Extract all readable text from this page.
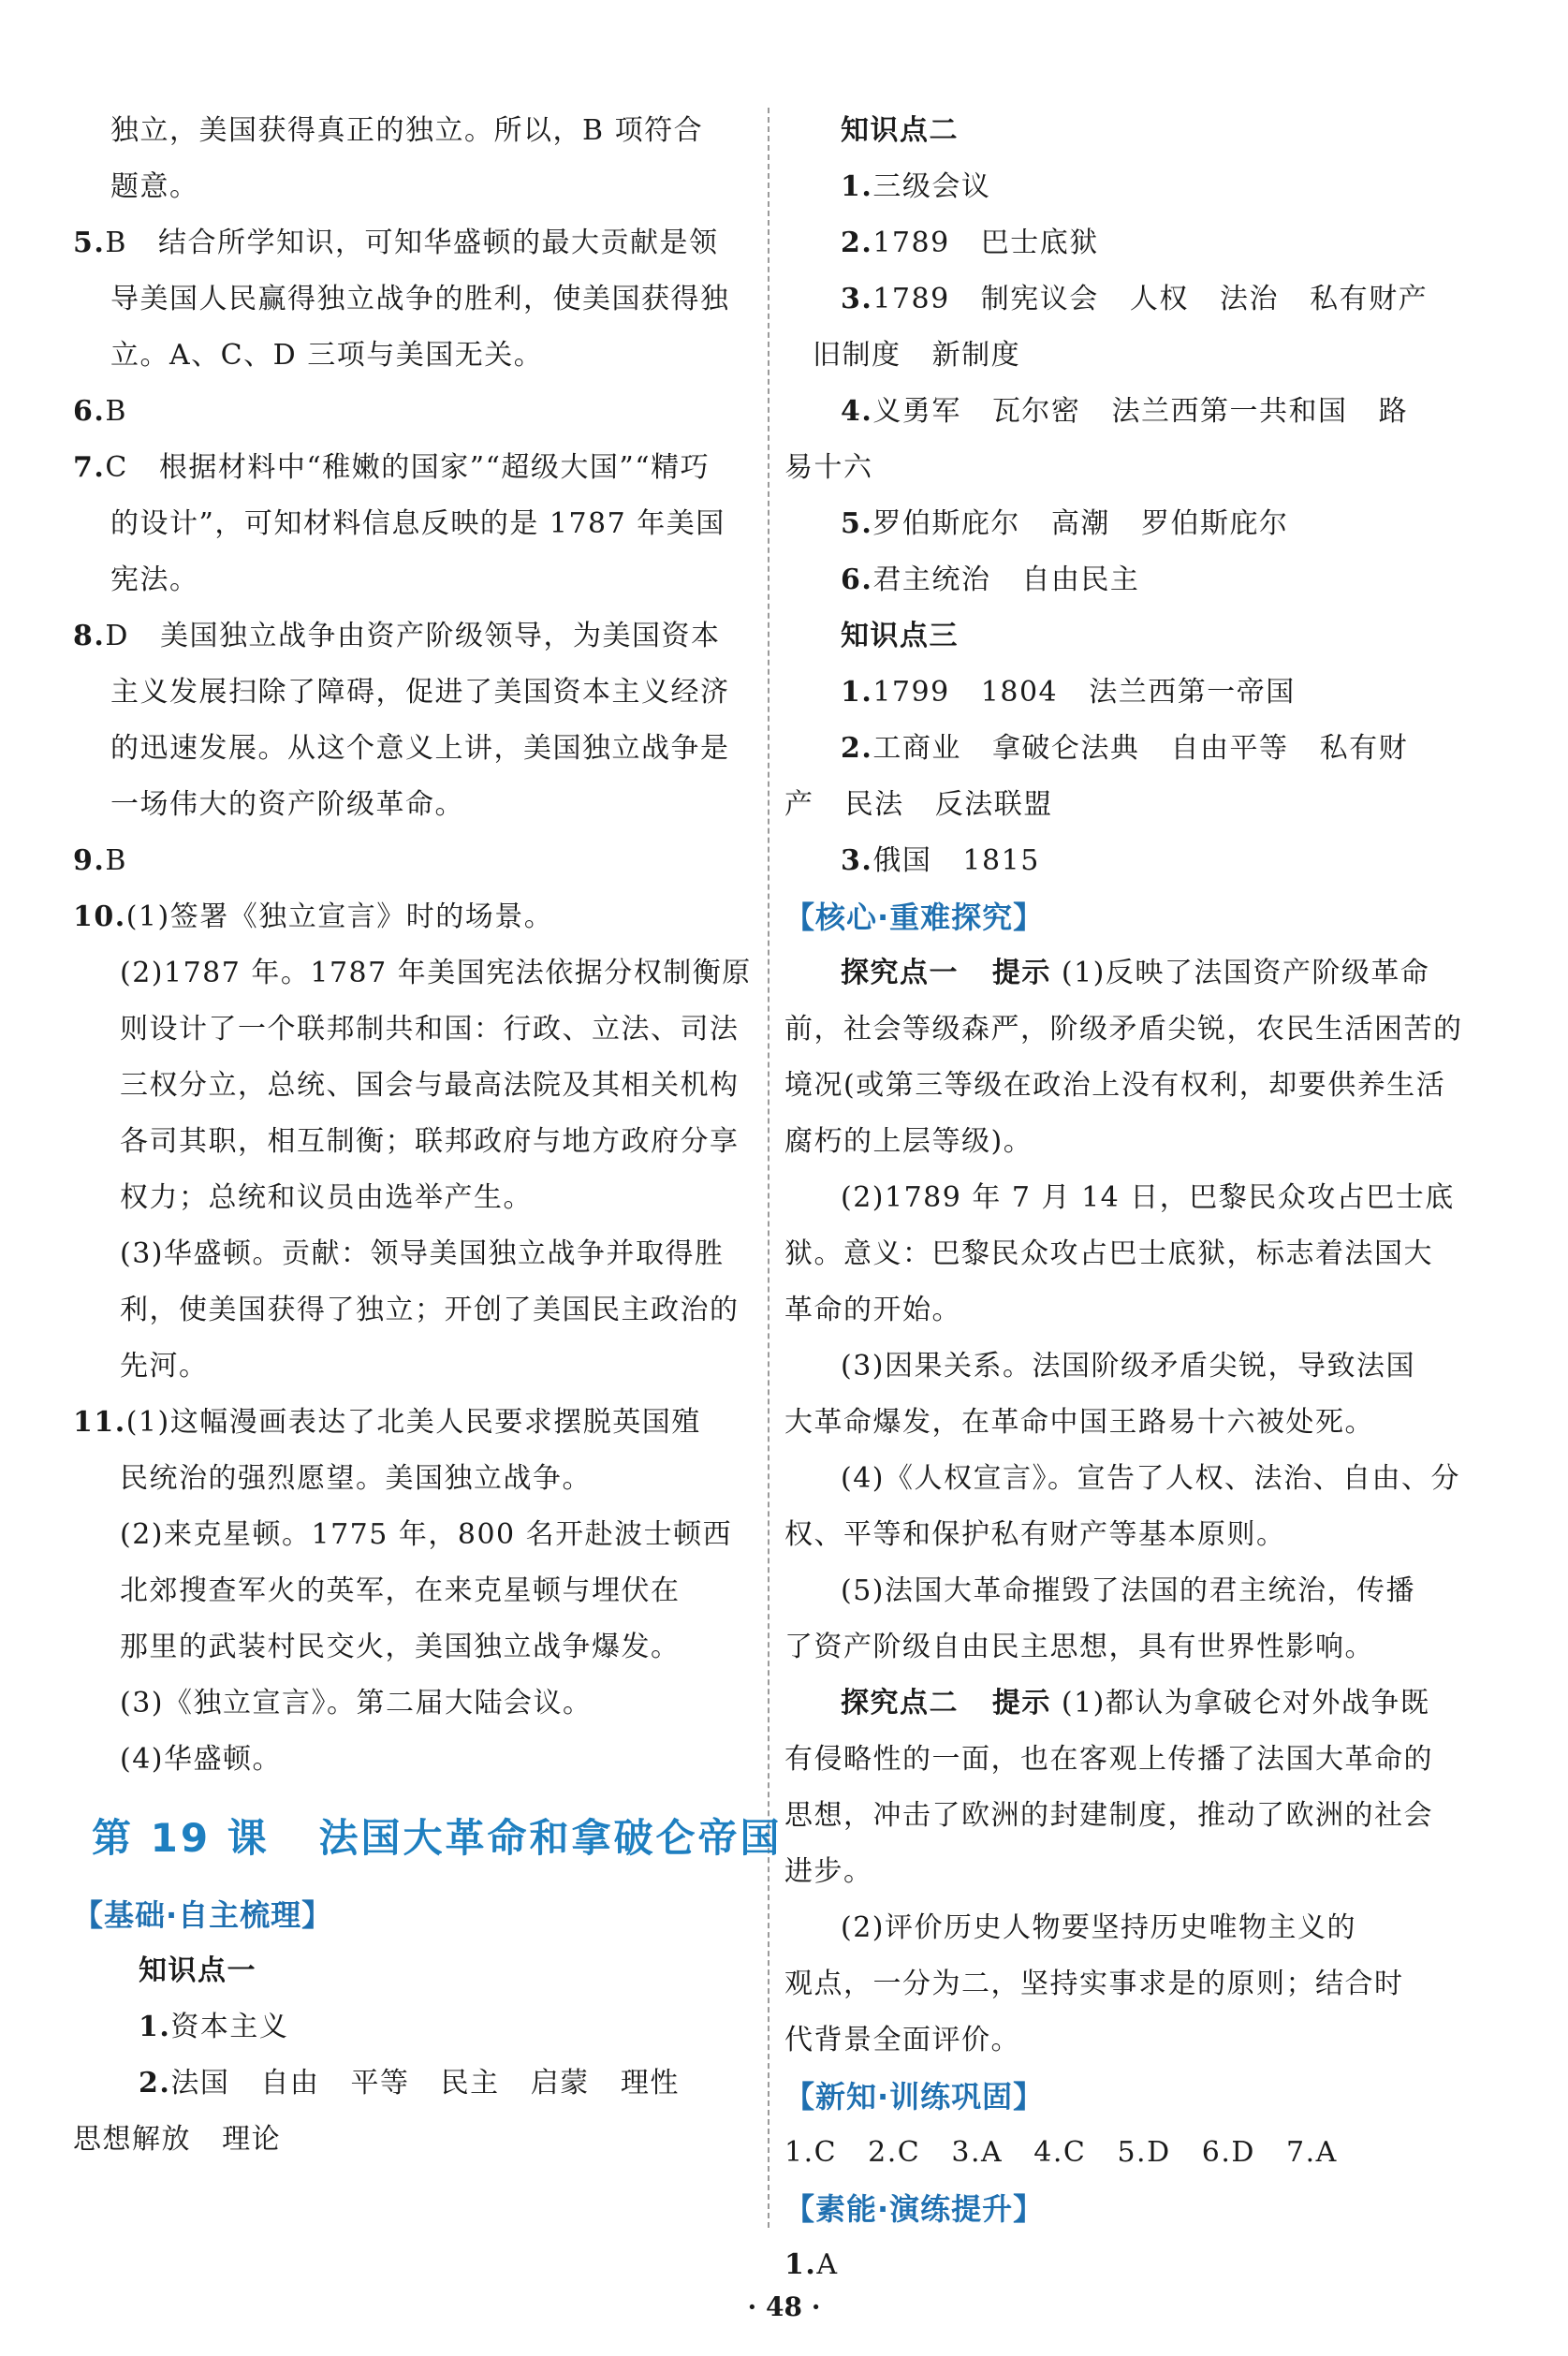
独立，美国获得真正的独立。所以，B 项符合
题意。
5.B   结合所学知识，可知华盛顿的最大贡献是领
导美国人民赢得独立战争的胜利，使美国获得独
立。A、C、D 三项与美国无关。
6.B
7.C   根据材料中“稚嫩的国家”“超级大国”“精巧
的设计”，可知材料信息反映的是 1787 年美国
宪法。
8.D   美国独立战争由资产阶级领导，为美国资本
主义发展扫除了障碍，促进了美国资本主义经济
的迅速发展。从这个意义上讲，美国独立战争是
一场伟大的资产阶级革命。
9.B
10.(1)签署《独立宣言》时的场景。
(2)1787 年。1787 年美国宪法依据分权制衡原
则设计了一个联邦制共和国：行政、立法、司法
三权分立，总统、国会与最高法院及其相关机构
各司其职，相互制衡；联邦政府与地方政府分享
权力；总统和议员由选举产生。
(3)华盛顿。贡献：领导美国独立战争并取得胜
利，使美国获得了独立；开创了美国民主政治的
先河。
11.(1)这幅漫画表达了北美人民要求摆脱英国殖
民统治的强烈愿望。美国独立战争。
(2)来克星顿。1775 年，800 名开赴波士顿西
北郊搜查军火的英军，在来克星顿与埋伏在
那里的武装村民交火，美国独立战争爆发。
(3)《独立宣言》。第二届大陆会议。
(4)华盛顿。
第 19 课   法国大革命和拿破仑帝国
【基础·自主梳理】
知识点一
1.资本主义
2.法国   自由   平等   民主   启蒙   理性
思想解放   理论
知识点二
1.三级会议
2.1789   巴士底狱
3.1789   制宪议会   人权   法治   私有财产
旧制度   新制度
4.义勇军   瓦尔密   法兰西第一共和国   路
易十六
5.罗伯斯庇尔   高潮   罗伯斯庇尔
6.君主统治   自由民主
知识点三
1.1799   1804   法兰西第一帝国
2.工商业   拿破仑法典   自由平等   私有财
产   民法   反法联盟
3.俄国   1815
【核心·重难探究】
探究点一   提示 (1)反映了法国资产阶级革命
前，社会等级森严，阶级矛盾尖锐，农民生活困苦的
境况(或第三等级在政治上没有权利，却要供养生活
腐朽的上层等级)。
(2)1789 年 7 月 14 日，巴黎民众攻占巴士底
狱。意义：巴黎民众攻占巴士底狱，标志着法国大
革命的开始。
(3)因果关系。法国阶级矛盾尖锐，导致法国
大革命爆发，在革命中国王路易十六被处死。
(4)《人权宣言》。宣告了人权、法治、自由、分
权、平等和保护私有财产等基本原则。
(5)法国大革命摧毁了法国的君主统治，传播
了资产阶级自由民主思想，具有世界性影响。
探究点二   提示 (1)都认为拿破仑对外战争既
有侵略性的一面，也在客观上传播了法国大革命的
思想，冲击了欧洲的封建制度，推动了欧洲的社会
进步。
(2)评价历史人物要坚持历史唯物主义的
观点，一分为二，坚持实事求是的原则；结合时
代背景全面评价。
【新知·训练巩固】
1.C   2.C   3.A   4.C   5.D   6.D   7.A
【素能·演练提升】
1.A
· 48 ·
